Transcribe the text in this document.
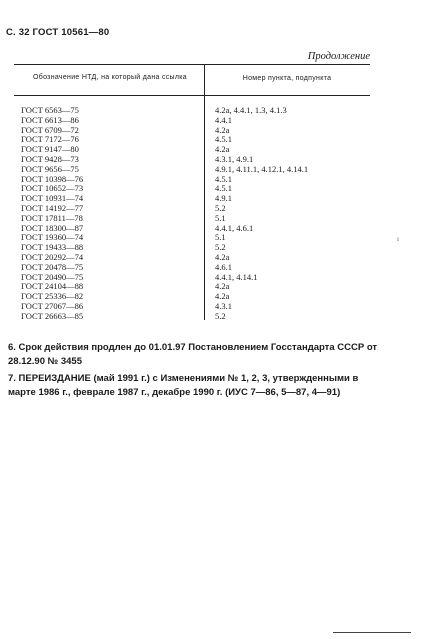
С. 32 ГОСТ 10561—80
Продолжение
Обозначение НТД, на который дана ссылка	Номер пункта, подпункта
ГОСТ 6563—75	4.2а, 4.4.1, 1.3, 4.1.3
ГОСТ 6613—86	4.4.1
ГОСТ 6709—72	4.2а
ГОСТ 7172—76	4.5.1
ГОСТ 9147—80	4.2а
ГОСТ 9428—73	4.3.1, 4.9.1
ГОСТ 9656—75	4.9.1, 4.11.1, 4.12.1, 4.14.1
ГОСТ 10398—76	4.5.1
ГОСТ 10652—73	4.5.1
ГОСТ 10931—74	4.9.1
ГОСТ 14192—77	5.2
ГОСТ 17811—78	5.1
ГОСТ 18300—87	4.4.1, 4.6.1
ГОСТ 19360—74	5.1
ГОСТ 19433—88	5.2
ГОСТ 20292—74	4.2а
ГОСТ 20478—75	4.6.1
ГОСТ 20490—75	4.4.1, 4.14.1
ГОСТ 24104—88	4.2а
ГОСТ 25336—82	4.2а
ГОСТ 27067—86	4.3.1
ГОСТ 26663—85	5.2
6. Срок действия продлен до 01.01.97 Постановлением Госстандарта СССР от 28.12.90 № 3455
7. ПЕРЕИЗДАНИЕ (май 1991 г.) с Изменениями № 1, 2, 3, утвержденными в марте 1986 г., феврале 1987 г., декабре 1990 г. (ИУС 7—86, 5—87, 4—91)
ı
